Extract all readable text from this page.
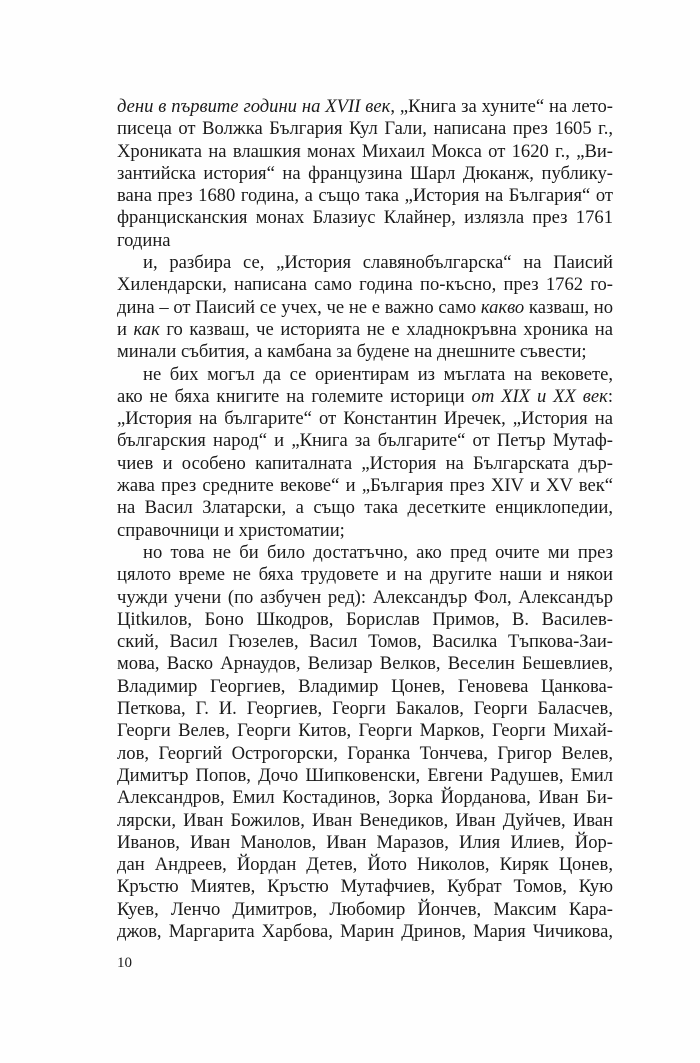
дени в първите години на XVII век, „Книга за хуните“ на лето-
писеца от Волжка България Кул Гали, написана през 1605 г.,
Хрониката на влашкия монах Михаил Мокса от 1620 г., „Ви-
зантийска история“ на французина Шарл Дюканж, публику-
вана през 1680 година, а също така „История на България“ от
францисканския монах Блазиус Клайнер, излязла през 1761
година
и, разбира се, „История славянобългарска“ на Паисий
Хилендарски, написана само година по-късно, през 1762 го-
дина – от Паисий се учех, че не е важно само какво казваш, но
и как го казваш, че историята не е хладнокръвна хроника на
минали събития, а камбана за будене на днешните съвести;
не бих могъл да се ориентирам из мъглата на вековете,
ако не бяха книгите на големите историци от XIX и XX век:
„История на българите“ от Константин Иречек, „История на
българския народ“ и „Книга за българите“ от Петър Мутаф-
чиев и особено капиталната „История на Българската дър-
жава през средните векове“ и „България през XIV и XV век“
на Васил Златарски, а също така десетките енциклопедии,
справочници и христоматии;
но това не би било достатъчно, ако пред очите ми през
цялото време не бяха трудовете и на другите наши и някои
чужди учени (по азбучен ред): Александър Фол, Александър
Цitkилов, Боно Шкодров, Борислав Примов, В. Василев-
ский, Васил Гюзелев, Васил Томов, Василка Тъпкова-Заи-
мова, Васко Арнаудов, Велизар Велков, Веселин Бешевлиев,
Владимир Георгиев, Владимир Цонев, Геновева Цанкова-
Петкова, Г. И. Георгиев, Георги Бакалов, Георги Баласчев,
Георги Велев, Георги Китов, Георги Марков, Георги Михай-
лов, Георгий Острогорски, Горанка Тончева, Григор Велев,
Димитър Попов, Дочо Шипковенски, Евгени Радушев, Емил
Александров, Емил Костадинов, Зорка Йорданова, Иван Би-
лярски, Иван Божилов, Иван Венедиков, Иван Дуйчев, Иван
Иванов, Иван Манолов, Иван Маразов, Илия Илиев, Йор-
дан Андреев, Йордан Детев, Йото Николов, Киряк Цонев,
Кръстю Миятев, Кръстю Мутафчиев, Кубрат Томов, Кую
Куев, Ленчо Димитров, Любомир Йончев, Максим Кара-
джов, Маргарита Харбова, Марин Дринов, Мария Чичикова,
10
